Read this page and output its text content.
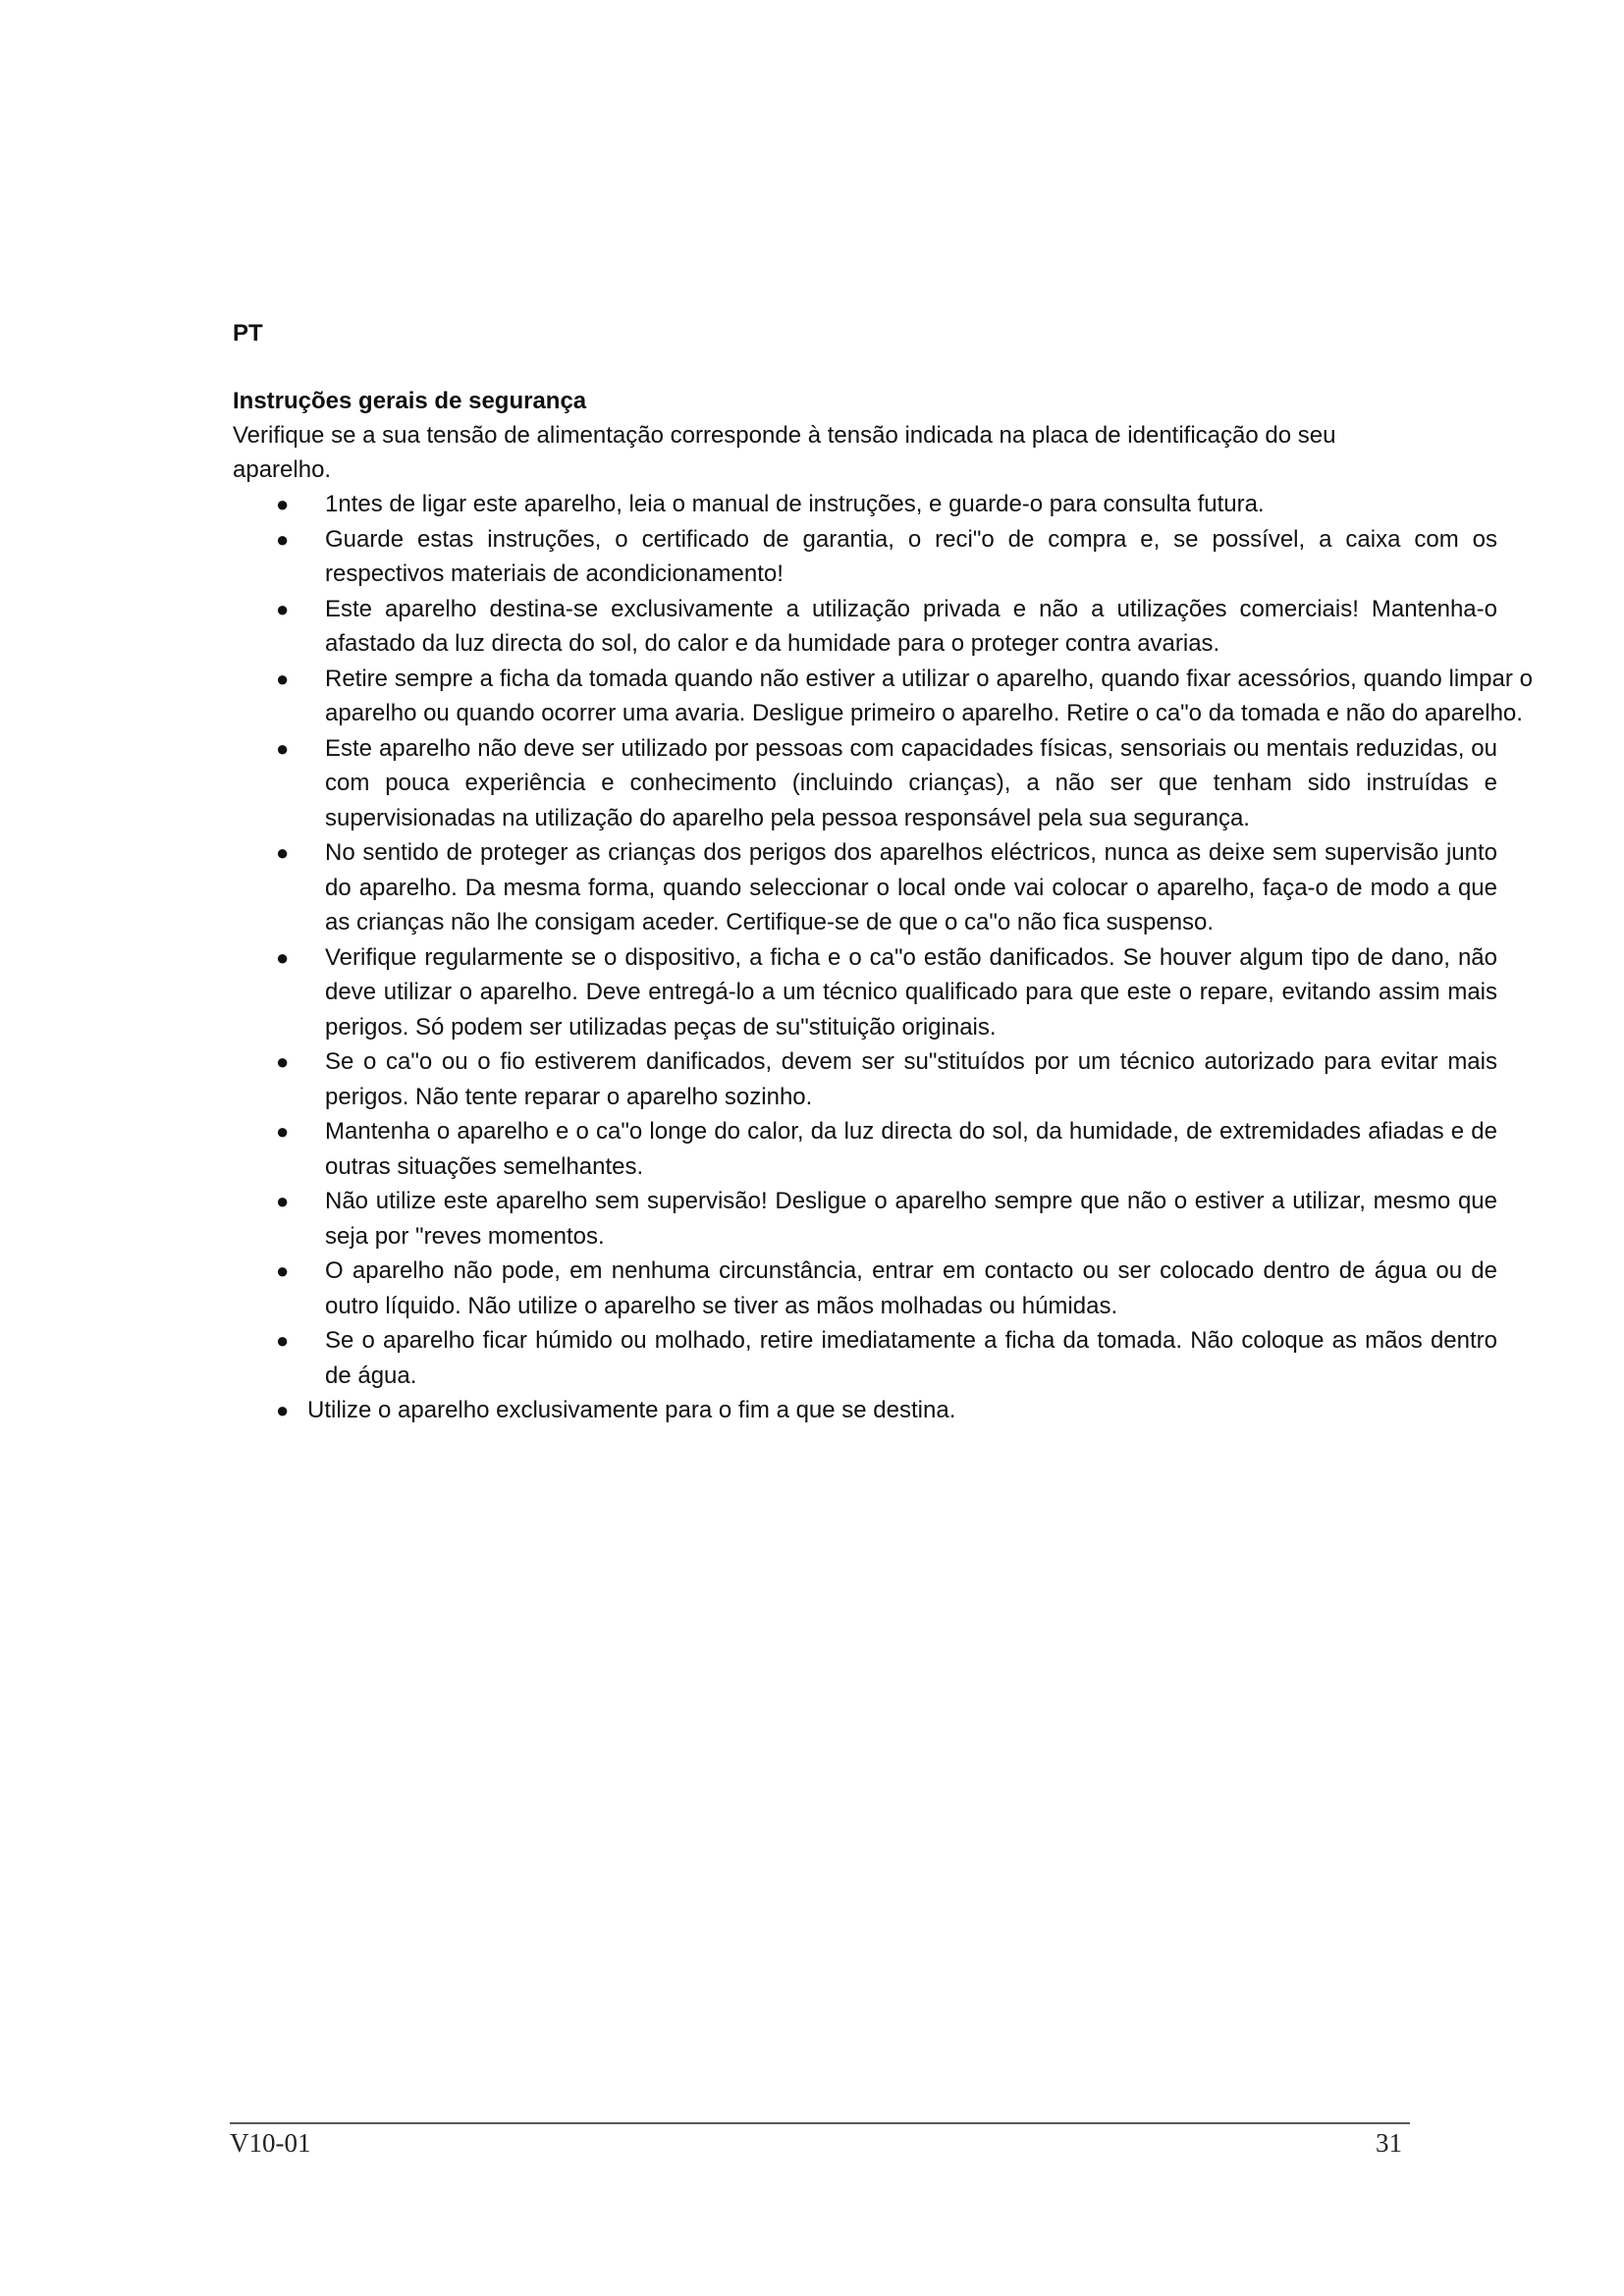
PT

Instruções gerais de segurança

Verifique se a sua tensão de alimentação corresponde à tensão indicada na placa de identificação do seu aparelho.

● 1ntes de ligar este aparelho, leia o manual de instruções, e guarde-o para consulta futura.
● Guarde estas instruções, o certificado de garantia, o reci"o de compra e, se possível, a caixa com os respectivos materiais de acondicionamento!
● Este aparelho destina-se exclusivamente a utilização privada e não a utilizações comerciais! Mantenha-o afastado da luz directa do sol, do calor e da humidade para o proteger contra avarias.
● Retire sempre a ficha da tomada quando não estiver a utilizar o aparelho, quando fixar acessórios, quando limpar o aparelho ou quando ocorrer uma avaria. Desligue primeiro o aparelho. Retire o ca"o da tomada e não do aparelho.
● Este aparelho não deve ser utilizado por pessoas com capacidades físicas, sensoriais ou mentais reduzidas, ou com pouca experiência e conhecimento (incluindo crianças), a não ser que tenham sido instruídas e supervisionadas na utilização do aparelho pela pessoa responsável pela sua segurança.
● No sentido de proteger as crianças dos perigos dos aparelhos eléctricos, nunca as deixe sem supervisão junto do aparelho. Da mesma forma, quando seleccionar o local onde vai colocar o aparelho, faça-o de modo a que as crianças não lhe consigam aceder. Certifique-se de que o ca"o não fica suspenso.
● Verifique regularmente se o dispositivo, a ficha e o ca"o estão danificados. Se houver algum tipo de dano, não deve utilizar o aparelho. Deve entregá-lo a um técnico qualificado para que este o repare, evitando assim mais perigos. Só podem ser utilizadas peças de su"stituição originais.
● Se o ca"o ou o fio estiverem danificados, devem ser su"stituídos por um técnico autorizado para evitar mais perigos. Não tente reparar o aparelho sozinho.
● Mantenha o aparelho e o ca"o longe do calor, da luz directa do sol, da humidade, de extremidades afiadas e de outras situações semelhantes.
● Não utilize este aparelho sem supervisão! Desligue o aparelho sempre que não o estiver a utilizar, mesmo que seja por "reves momentos.
● O aparelho não pode, em nenhuma circunstância, entrar em contacto ou ser colocado dentro de água ou de outro líquido. Não utilize o aparelho se tiver as mãos molhadas ou húmidas.
● Se o aparelho ficar húmido ou molhado, retire imediatamente a ficha da tomada. Não coloque as mãos dentro de água.
● Utilize o aparelho exclusivamente para o fim a que se destina.
V10-01	31
